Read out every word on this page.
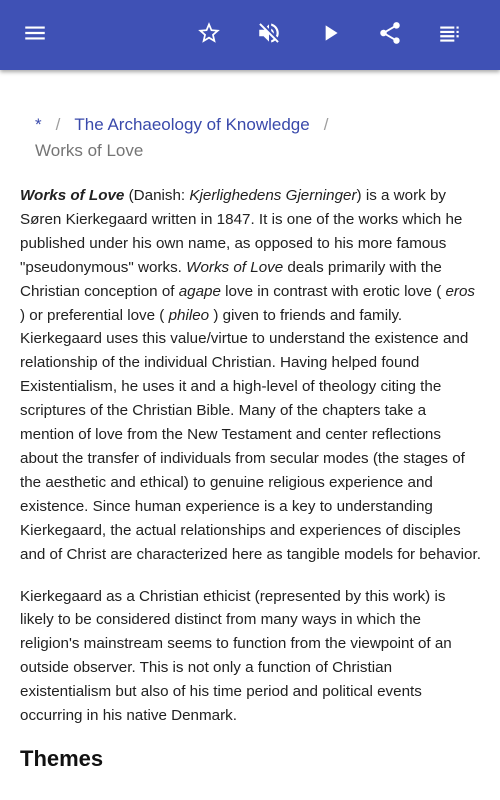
* / The Archaeology of Knowledge /
Works of Love

Works of Love (Danish: Kjerlighedens Gjerninger) is a work by Søren Kierkegaard written in 1847. It is one of the works which he published under his own name, as opposed to his more famous "pseudonymous" works. Works of Love deals primarily with the Christian conception of agape love in contrast with erotic love ( eros ) or preferential love ( phileo ) given to friends and family. Kierkegaard uses this value/virtue to understand the existence and relationship of the individual Christian. Having helped found Existentialism, he uses it and a high-level of theology citing the scriptures of the Christian Bible. Many of the chapters take a mention of love from the New Testament and center reflections about the transfer of individuals from secular modes (the stages of the aesthetic and ethical) to genuine religious experience and existence. Since human experience is a key to understanding Kierkegaard, the actual relationships and experiences of disciples and of Christ are characterized here as tangible models for behavior.

Kierkegaard as a Christian ethicist (represented by this work) is likely to be considered distinct from many ways in which the religion's mainstream seems to function from the viewpoint of an outside observer. This is not only a function of Christian existentialism but also of his time period and political events occurring in his native Denmark.

Themes
